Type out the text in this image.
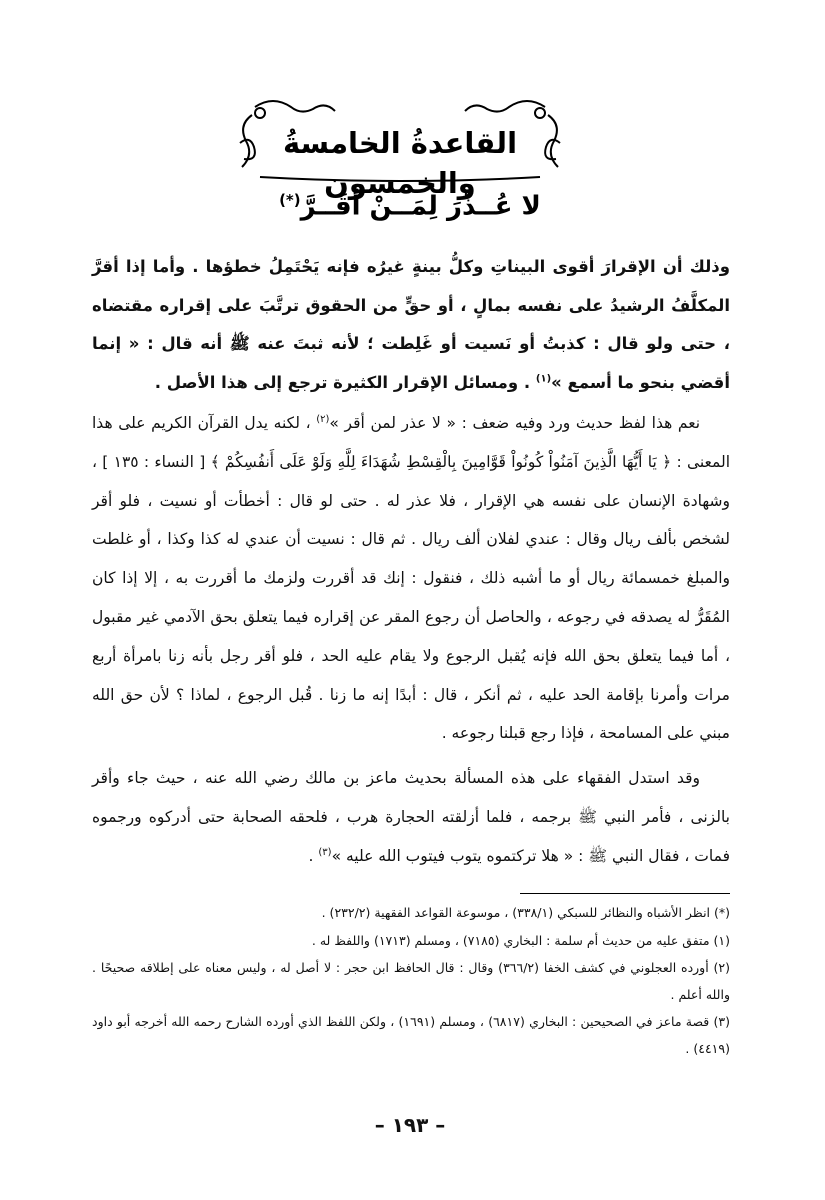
القاعدةُ الخامسةُ والخمسون
لا عُــذْرَ لِمَــنْ أَقَــرَّ(*)

وذلك أن الإقرارَ أقوى البيناتِ وكلُّ بينةٍ غيرُه فإنه يَحْتَمِلُ خطؤها . وأما إذا أقرَّ المكلَّفُ الرشيدُ على نفسه بمالٍ ، أو حقٍّ من الحقوق ترتَّبَ على إقراره مقتضاه ، حتى ولو قال : كذبتُ أو نَسيت أو غَلِطت ؛ لأنه ثبتَ عنه ﷺ أنه قال : « إنما أقضي بنحو ما أسمع »$^{(١)}$ . ومسائل الإقرار الكثيرة ترجع إلى هذا الأصل .

نعم هذا لفظ حديث ورد وفيه ضعف : « لا عذر لمن أقر »$^{(٢)}$ ، لكنه يدل القرآن الكريم على هذا المعنى : ﴿ يَا أَيُّهَا الَّذِينَ آمَنُواْ كُونُواْ قَوَّامِينَ بِالْقِسْطِ شُهَدَاءَ لِلَّهِ وَلَوْ عَلَى أَنفُسِكُمْ ﴾ [ النساء : ١٣٥ ] ، وشهادة الإنسان على نفسه هي الإقرار ، فلا عذر له . حتى لو قال : أخطأت أو نسيت ، فلو أقر لشخص بألف ريال وقال : عندي لفلان ألف ريال . ثم قال : نسيت أن عندي له كذا وكذا ، أو غلطت والمبلغ خمسمائة ريال أو ما أشبه ذلك ، فنقول : إنك قد أقررت ولزمك ما أقررت به ، إلا إذا كان المُقَرُّ له يصدقه في رجوعه ، والحاصل أن رجوع المقر عن إقراره فيما يتعلق بحق الآدمي غير مقبول ، أما فيما يتعلق بحق الله فإنه يُقبل الرجوع ولا يقام عليه الحد ، فلو أقر رجل بأنه زنا بامرأة أربع مرات وأمرنا بإقامة الحد عليه ، ثم أنكر ، قال : أبدًا إنه ما زنا . قُبل الرجوع ، لماذا ؟ لأن حق الله مبني على المسامحة ، فإذا رجع قبلنا رجوعه .

وقد استدل الفقهاء على هذه المسألة بحديث ماعز بن مالك رضي الله عنه ، حيث جاء وأقر بالزنى ، فأمر النبي ﷺ برجمه ، فلما أزلقته الحجارة هرب ، فلحقه الصحابة حتى أدركوه ورجموه فمات ، فقال النبي ﷺ : « هلا تركتموه يتوب فيتوب الله عليه »$^{(٣)}$ .

(*) انظر الأشباه والنظائر للسبكي (٣٣٨/١) ، موسوعة القواعد الفقهية (٢٣٢/٢) .

(١) متفق عليه من حديث أم سلمة : البخاري (٧١٨٥) ، ومسلم (١٧١٣) واللفظ له .

(٢) أورده العجلوني في كشف الخفا (٣٦٦/٢) وقال : قال الحافظ ابن حجر : لا أصل له ، وليس معناه على إطلاقه صحيحًا . والله أعلم .

(٣) قصة ماعز في الصحيحين : البخاري (٦٨١٧) ، ومسلم (١٦٩١) ، ولكن اللفظ الذي أورده الشارح رحمه الله أخرجه أبو داود (٤٤١٩) .

– ١٩٣ –
